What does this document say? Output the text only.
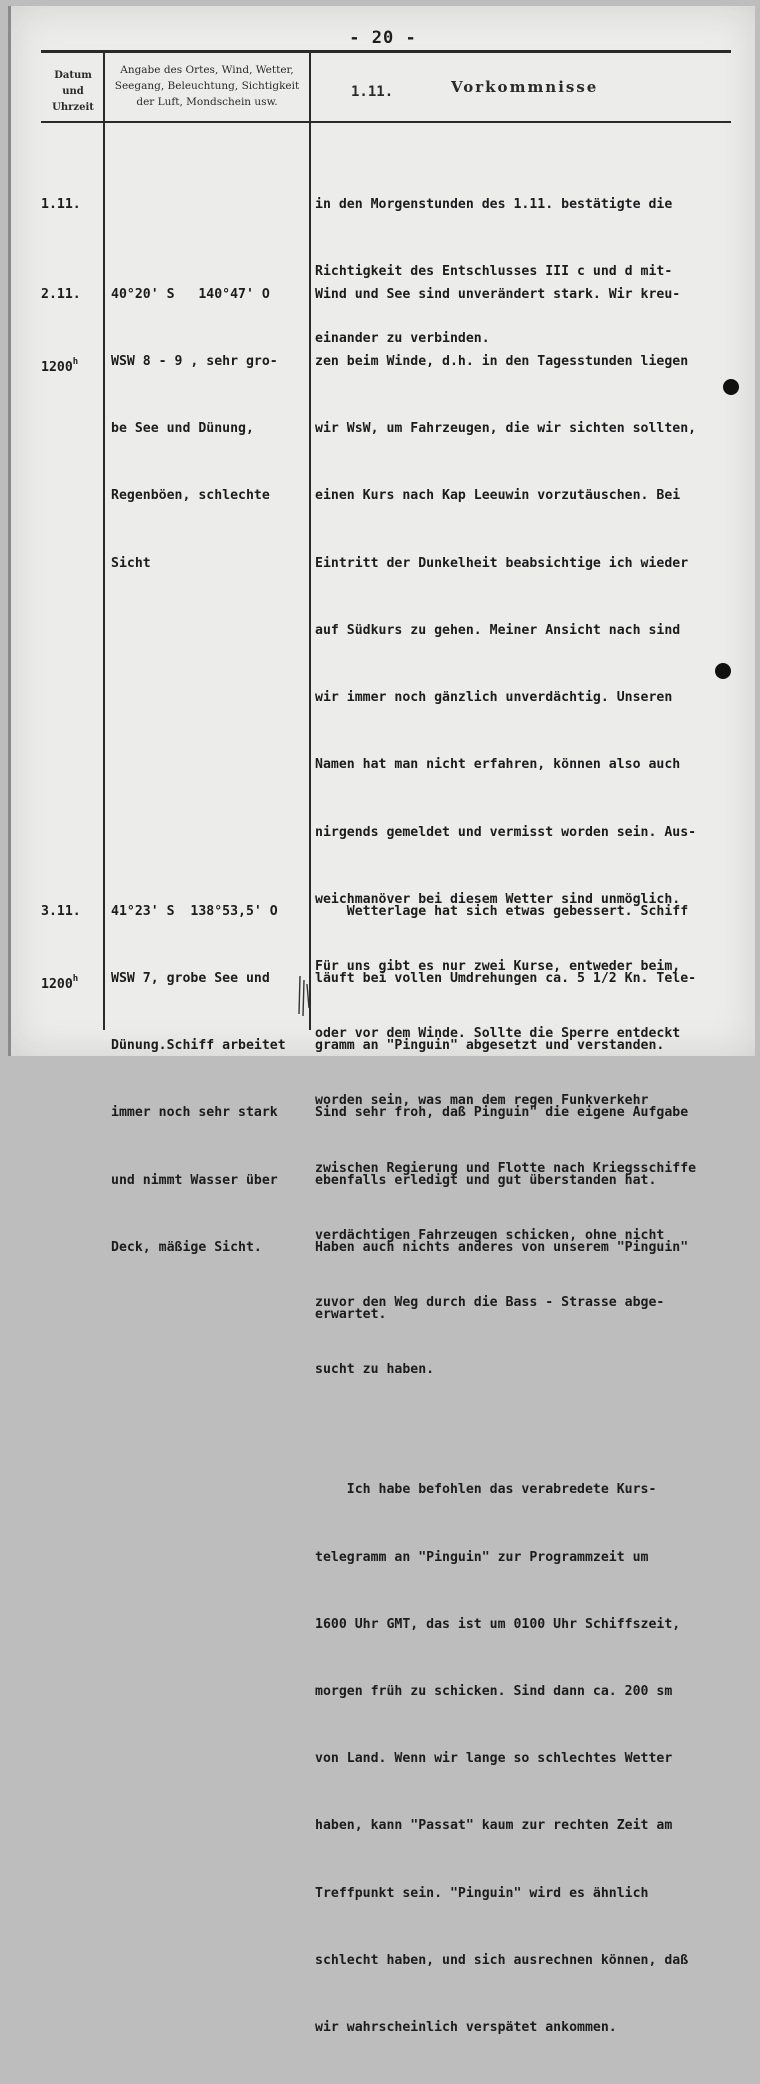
- 20 -
Datum
und
Uhrzeit
Angabe des Ortes, Wind, Wetter,
Seegang, Beleuchtung, Sichtigkeit
der Luft, Mondschein usw.
1.11.	Vorkommnisse

1.11.

	in den Morgenstunden des 1.11. bestätigte die

Richtigkeit des Entschlusses III c und d mit-

einander zu verbinden.

2.11.

1200$^h$

40°20' S   140°47' O

WSW 8 - 9 , sehr gro-

be See und Dünung,

Regenböen, schlechte

Sicht

Wind und See sind unverändert stark. Wir kreu-

zen beim Winde, d.h. in den Tagesstunden liegen

wir WsW, um Fahrzeugen, die wir sichten sollten,

einen Kurs nach Kap Leeuwin vorzutäuschen. Bei

Eintritt der Dunkelheit beabsichtige ich wieder

auf Südkurs zu gehen. Meiner Ansicht nach sind

wir immer noch gänzlich unverdächtig. Unseren

Namen hat man nicht erfahren, können also auch

nirgends gemeldet und vermisst worden sein. Aus-

weichmanöver bei diesem Wetter sind unmöglich.

Für uns gibt es nur zwei Kurse, entweder beim,

oder vor dem Winde. Sollte die Sperre entdeckt

worden sein, was man dem regen Funkverkehr

zwischen Regierung und Flotte nach Kriegsschiffe

verdächtigen Fahrzeugen schicken, ohne nicht

zuvor den Weg durch die Bass - Strasse abge-

sucht zu haben.

Ich habe befohlen das verabredete Kurs-

telegramm an "Pinguin" zur Programmzeit um

1600 Uhr GMT, das ist um 0100 Uhr Schiffszeit,

morgen früh zu schicken. Sind dann ca. 200 sm

von Land. Wenn wir lange so schlechtes Wetter

haben, kann "Passat" kaum zur rechten Zeit am

Treffpunkt sein. "Pinguin" wird es ähnlich

schlecht haben, und sich ausrechnen können, daß

wir wahrscheinlich verspätet ankommen.

3.11.

1200$^h$

41°23' S  138°53,5' O

WSW 7, grobe See und

Dünung.Schiff arbeitet

immer noch sehr stark

und nimmt Wasser über

Deck, mäßige Sicht.

Wetterlage hat sich etwas gebessert. Schiff

läuft bei vollen Umdrehungen ca. 5 1/2 Kn. Tele-

gramm an "Pinguin" abgesetzt und verstanden.

Sind sehr froh, daß Pinguin" die eigene Aufgabe

ebenfalls erledigt und gut überstanden hat.

Haben auch nichts anderes von unserem "Pinguin"

erwartet.
